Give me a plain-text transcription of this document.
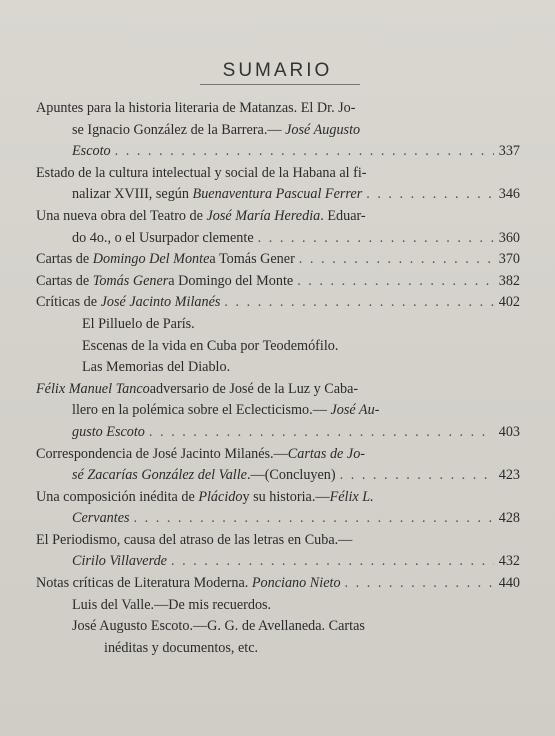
SUMARIO
Apuntes para la historia literaria de Matanzas. El Dr. Jo-
se Ignacio González de la Barrera.—
José Augusto
Escoto . . .	337
Estado de la cultura intelectual y social de la Habana al fi-
nalizar XVIII, según
Buenaventura Pascual Ferrer . . .	346
Una nueva obra del Teatro de
José María Heredia . Eduar-
do 4o., o el Usurpador clemente . . .	360
Cartas de
Domingo Del Monte a Tomás Gener . . .	370
Cartas de
Tomás Gener a Domingo del Monte . . .	382
Críticas de
José Jacinto Milanés . . .	402
El Pilluelo de París.
Escenas de la vida en Cuba por Teodemófilo.
Las Memorias del Diablo.
Félix Manuel Tanco adversario de José de la Luz y Caba-
llero en la polémica sobre el Eclecticismo.—
José Au-
gusto Escoto . . .	403
Correspondencia de José Jacinto Milanés.— Cartas de Jo-
sé Zacarías González del Valle .—(Concluyen) . . .	423
Una composición inédita de
Plácido y su historia.— Félix L.
Cervantes . . .	428
El Periodismo, causa del atraso de las letras en Cuba.—
Cirilo Villaverde . . .	432
Notas críticas de Literatura Moderna.
Ponciano Nieto . . .	440
Luis del Valle.—De mis recuerdos.
José Augusto Escoto.—G. G. de Avellaneda. Cartas
inéditas y documentos, etc.
